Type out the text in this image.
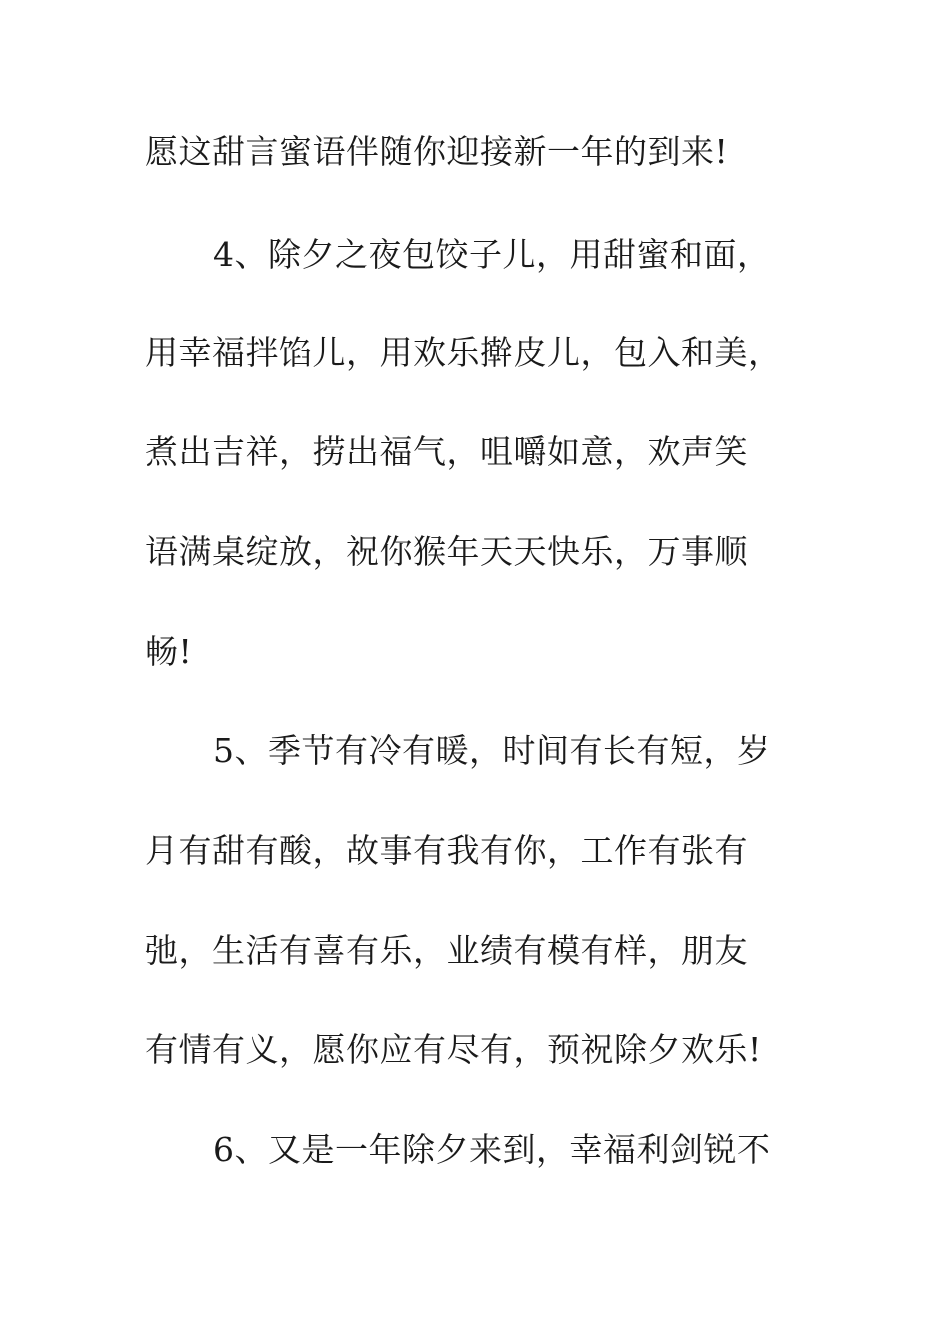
愿这甜言蜜语伴随你迎接新一年的到来!
4、除夕之夜包饺子儿，用甜蜜和面，
用幸福拌馅儿，用欢乐擀皮儿，包入和美，
煮出吉祥，捞出福气，咀嚼如意，欢声笑
语满桌绽放，祝你猴年天天快乐，万事顺
畅!
5、季节有冷有暖，时间有长有短，岁
月有甜有酸，故事有我有你，工作有张有
弛，生活有喜有乐，业绩有模有样，朋友
有情有义，愿你应有尽有，预祝除夕欢乐!
6、又是一年除夕来到，幸福利剑锐不
